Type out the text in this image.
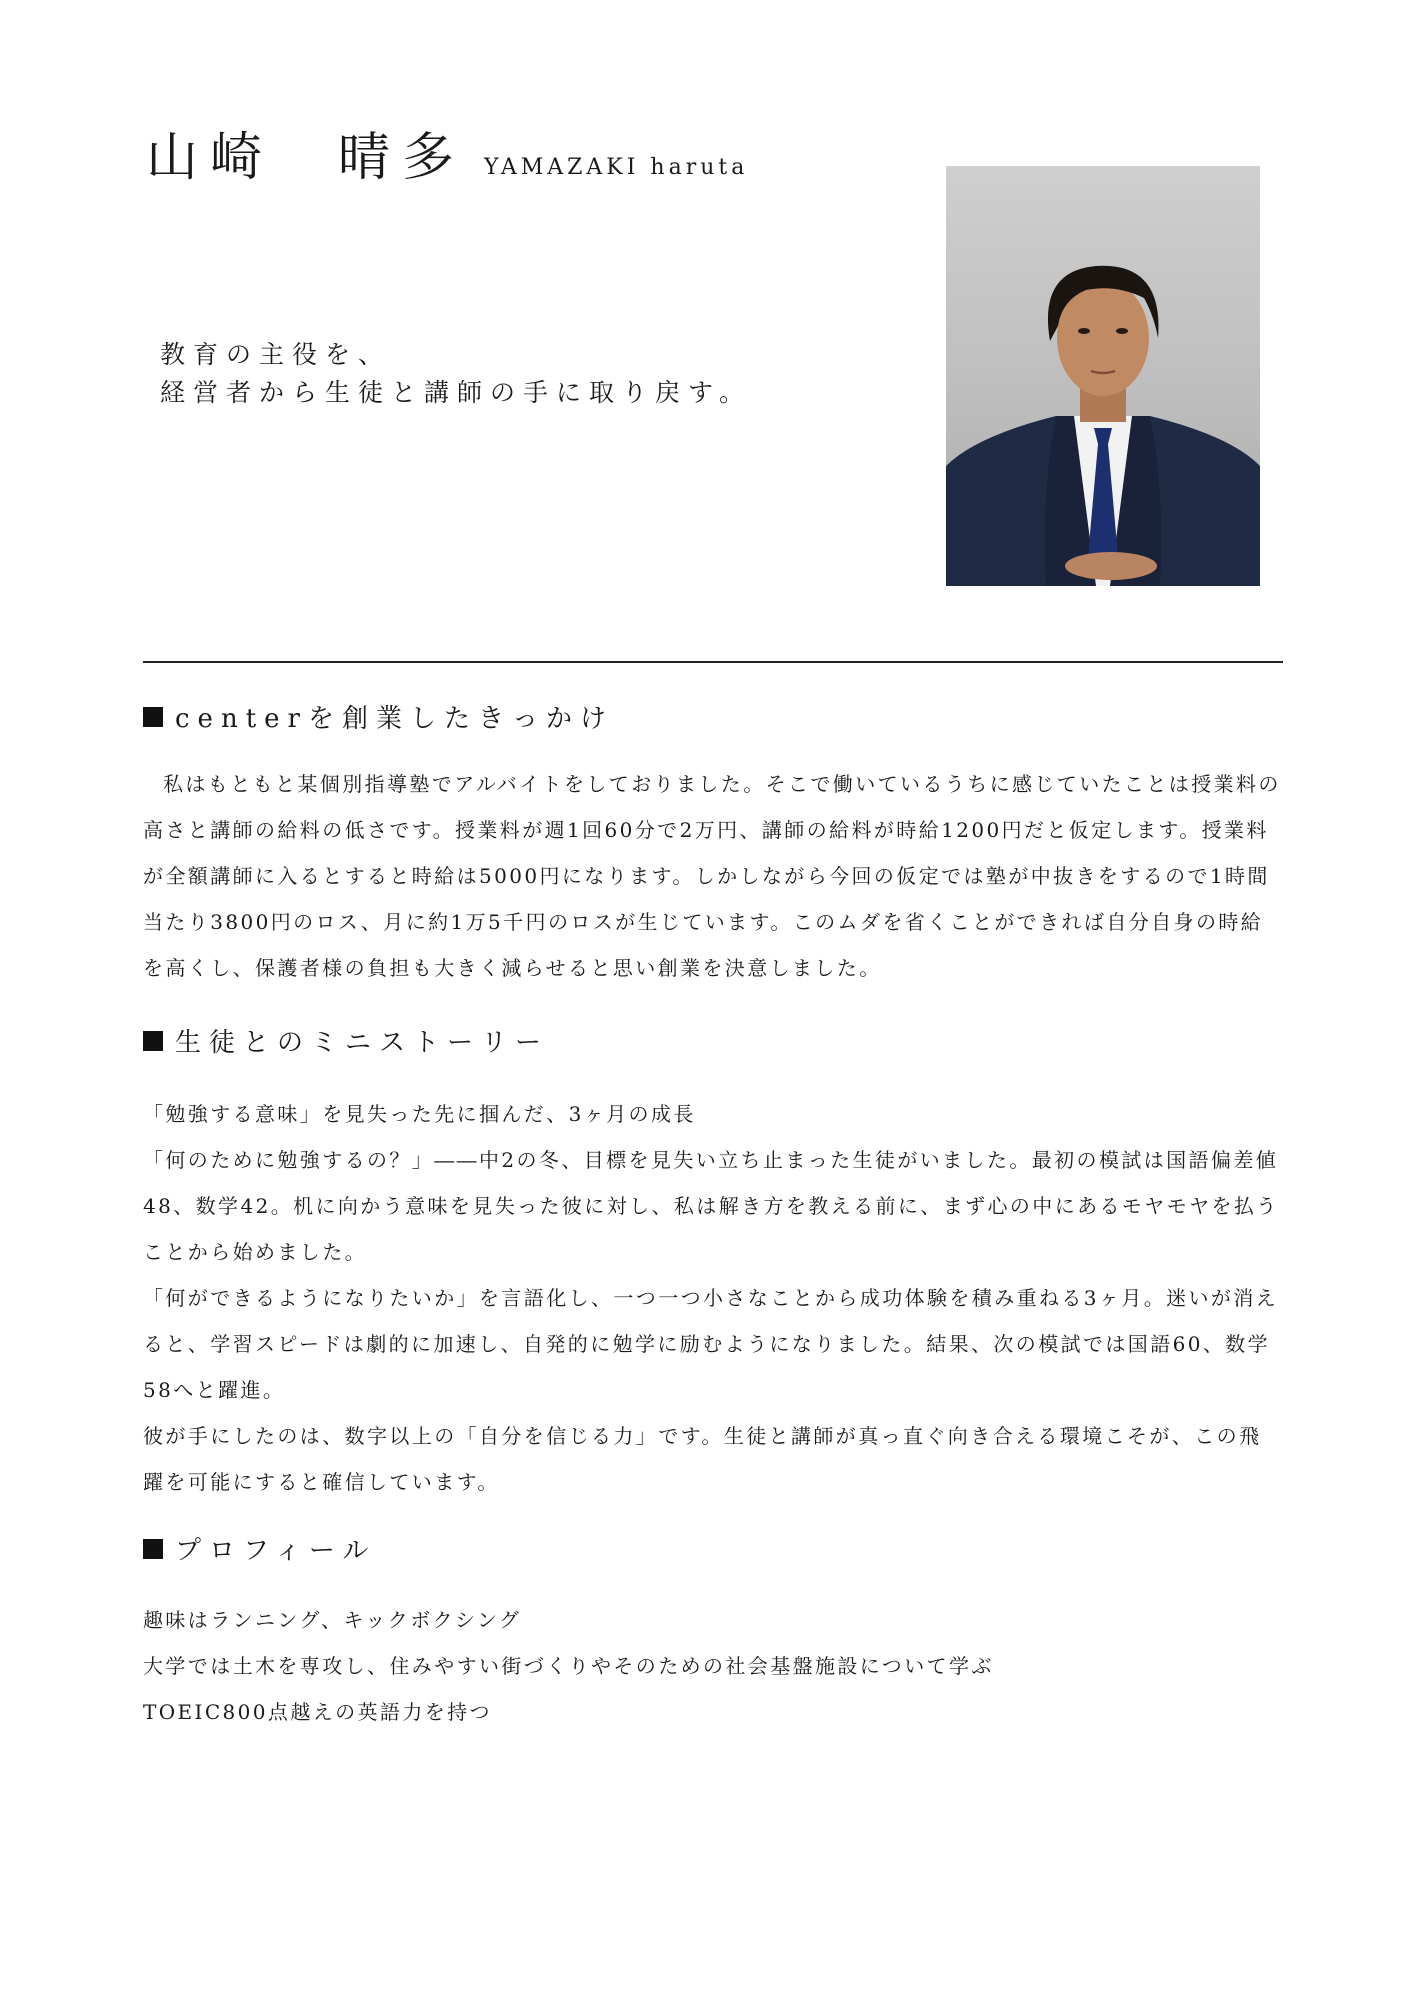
山崎　晴多 YAMAZAKI haruta
教育の主役を、
経営者から生徒と講師の手に取り戻す。
centerを創業したきっかけ

私はもともと某個別指導塾でアルバイトをしておりました。そこで働いているうちに感じていたことは授業料の高さと講師の給料の低さです。授業料が週1回60分で2万円、講師の給料が時給1200円だと仮定します。授業料が全額講師に入るとすると時給は5000円になります。しかしながら今回の仮定では塾が中抜きをするので1時間当たり3800円のロス、月に約1万5千円のロスが生じています。このムダを省くことができれば自分自身の時給を高くし、保護者様の負担も大きく減らせると思い創業を決意しました。

生徒とのミニストーリー

「勉強する意味」を見失った先に掴んだ、3ヶ月の成長

「何のために勉強するの？」――中2の冬、目標を見失い立ち止まった生徒がいました。最初の模試は国語偏差値48、数学42。机に向かう意味を見失った彼に対し、私は解き方を教える前に、まず心の中にあるモヤモヤを払うことから始めました。

「何ができるようになりたいか」を言語化し、一つ一つ小さなことから成功体験を積み重ねる3ヶ月。迷いが消えると、学習スピードは劇的に加速し、自発的に勉学に励むようになりました。結果、次の模試では国語60、数学58へと躍進。

彼が手にしたのは、数字以上の「自分を信じる力」です。生徒と講師が真っ直ぐ向き合える環境こそが、この飛躍を可能にすると確信しています。

プロフィール
趣味はランニング、キックボクシング
大学では土木を専攻し、住みやすい街づくりやそのための社会基盤施設について学ぶ
TOEIC800点越えの英語力を持つ
